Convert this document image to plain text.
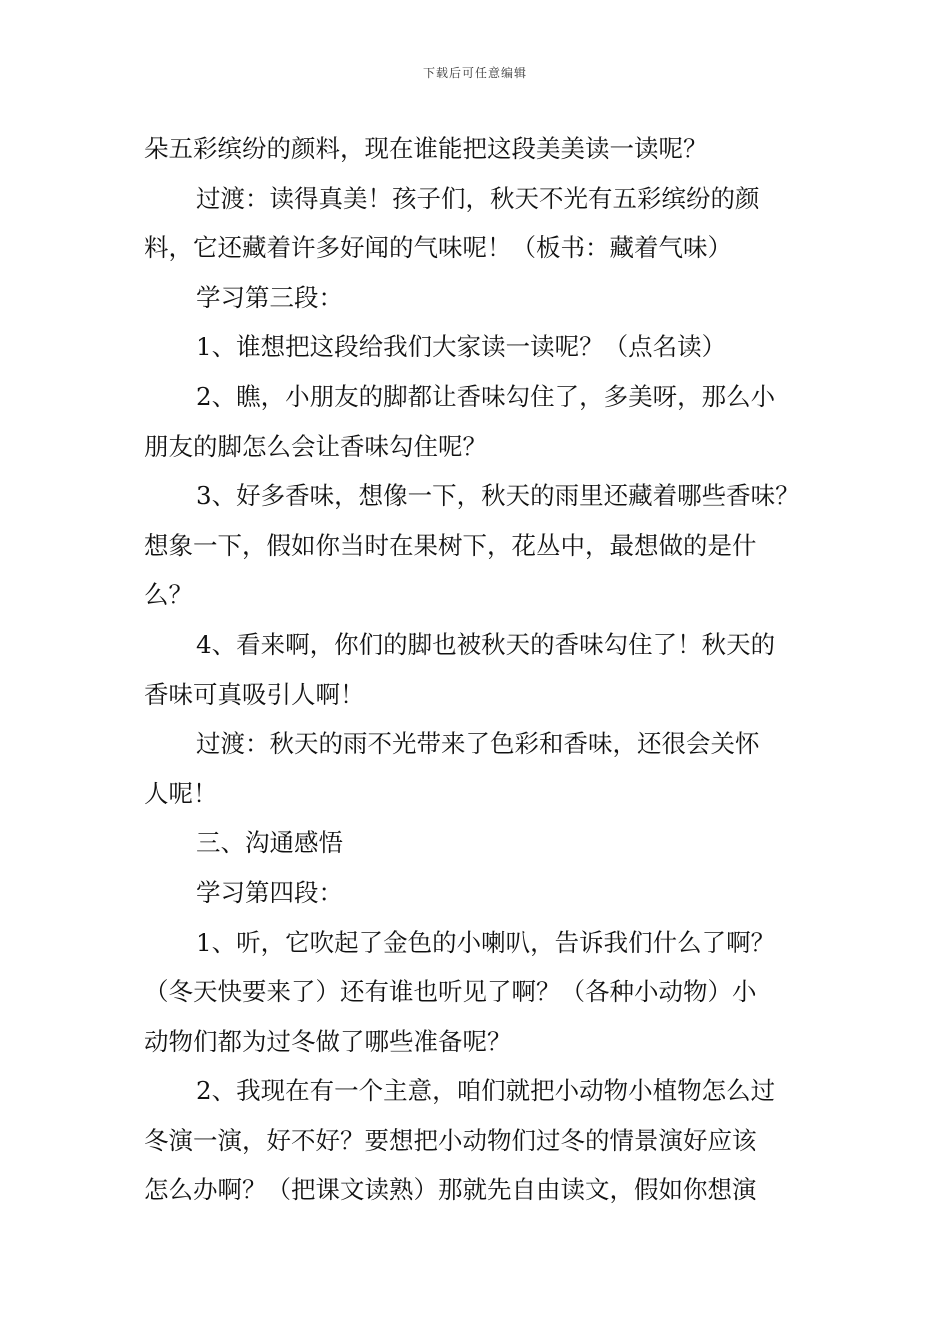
下载后可任意编辑
朵五彩缤纷的颜料，现在谁能把这段美美读一读呢？
过渡：读得真美！孩子们，秋天不光有五彩缤纷的颜
料，它还藏着许多好闻的气味呢！（板书：藏着气味）
学习第三段：
1、谁想把这段给我们大家读一读呢？（点名读）
2、瞧，小朋友的脚都让香味勾住了，多美呀，那么小
朋友的脚怎么会让香味勾住呢？
3、好多香味，想像一下，秋天的雨里还藏着哪些香味？
想象一下，假如你当时在果树下，花丛中，最想做的是什
么？
4、看来啊，你们的脚也被秋天的香味勾住了！秋天的
香味可真吸引人啊！
过渡：秋天的雨不光带来了色彩和香味，还很会关怀
人呢！
三、沟通感悟
学习第四段：
1、听，它吹起了金色的小喇叭，告诉我们什么了啊？
（冬天快要来了）还有谁也听见了啊？（各种小动物）小
动物们都为过冬做了哪些准备呢？
2、我现在有一个主意，咱们就把小动物小植物怎么过
冬演一演，好不好？要想把小动物们过冬的情景演好应该
怎么办啊？（把课文读熟）那就先自由读文，假如你想演
